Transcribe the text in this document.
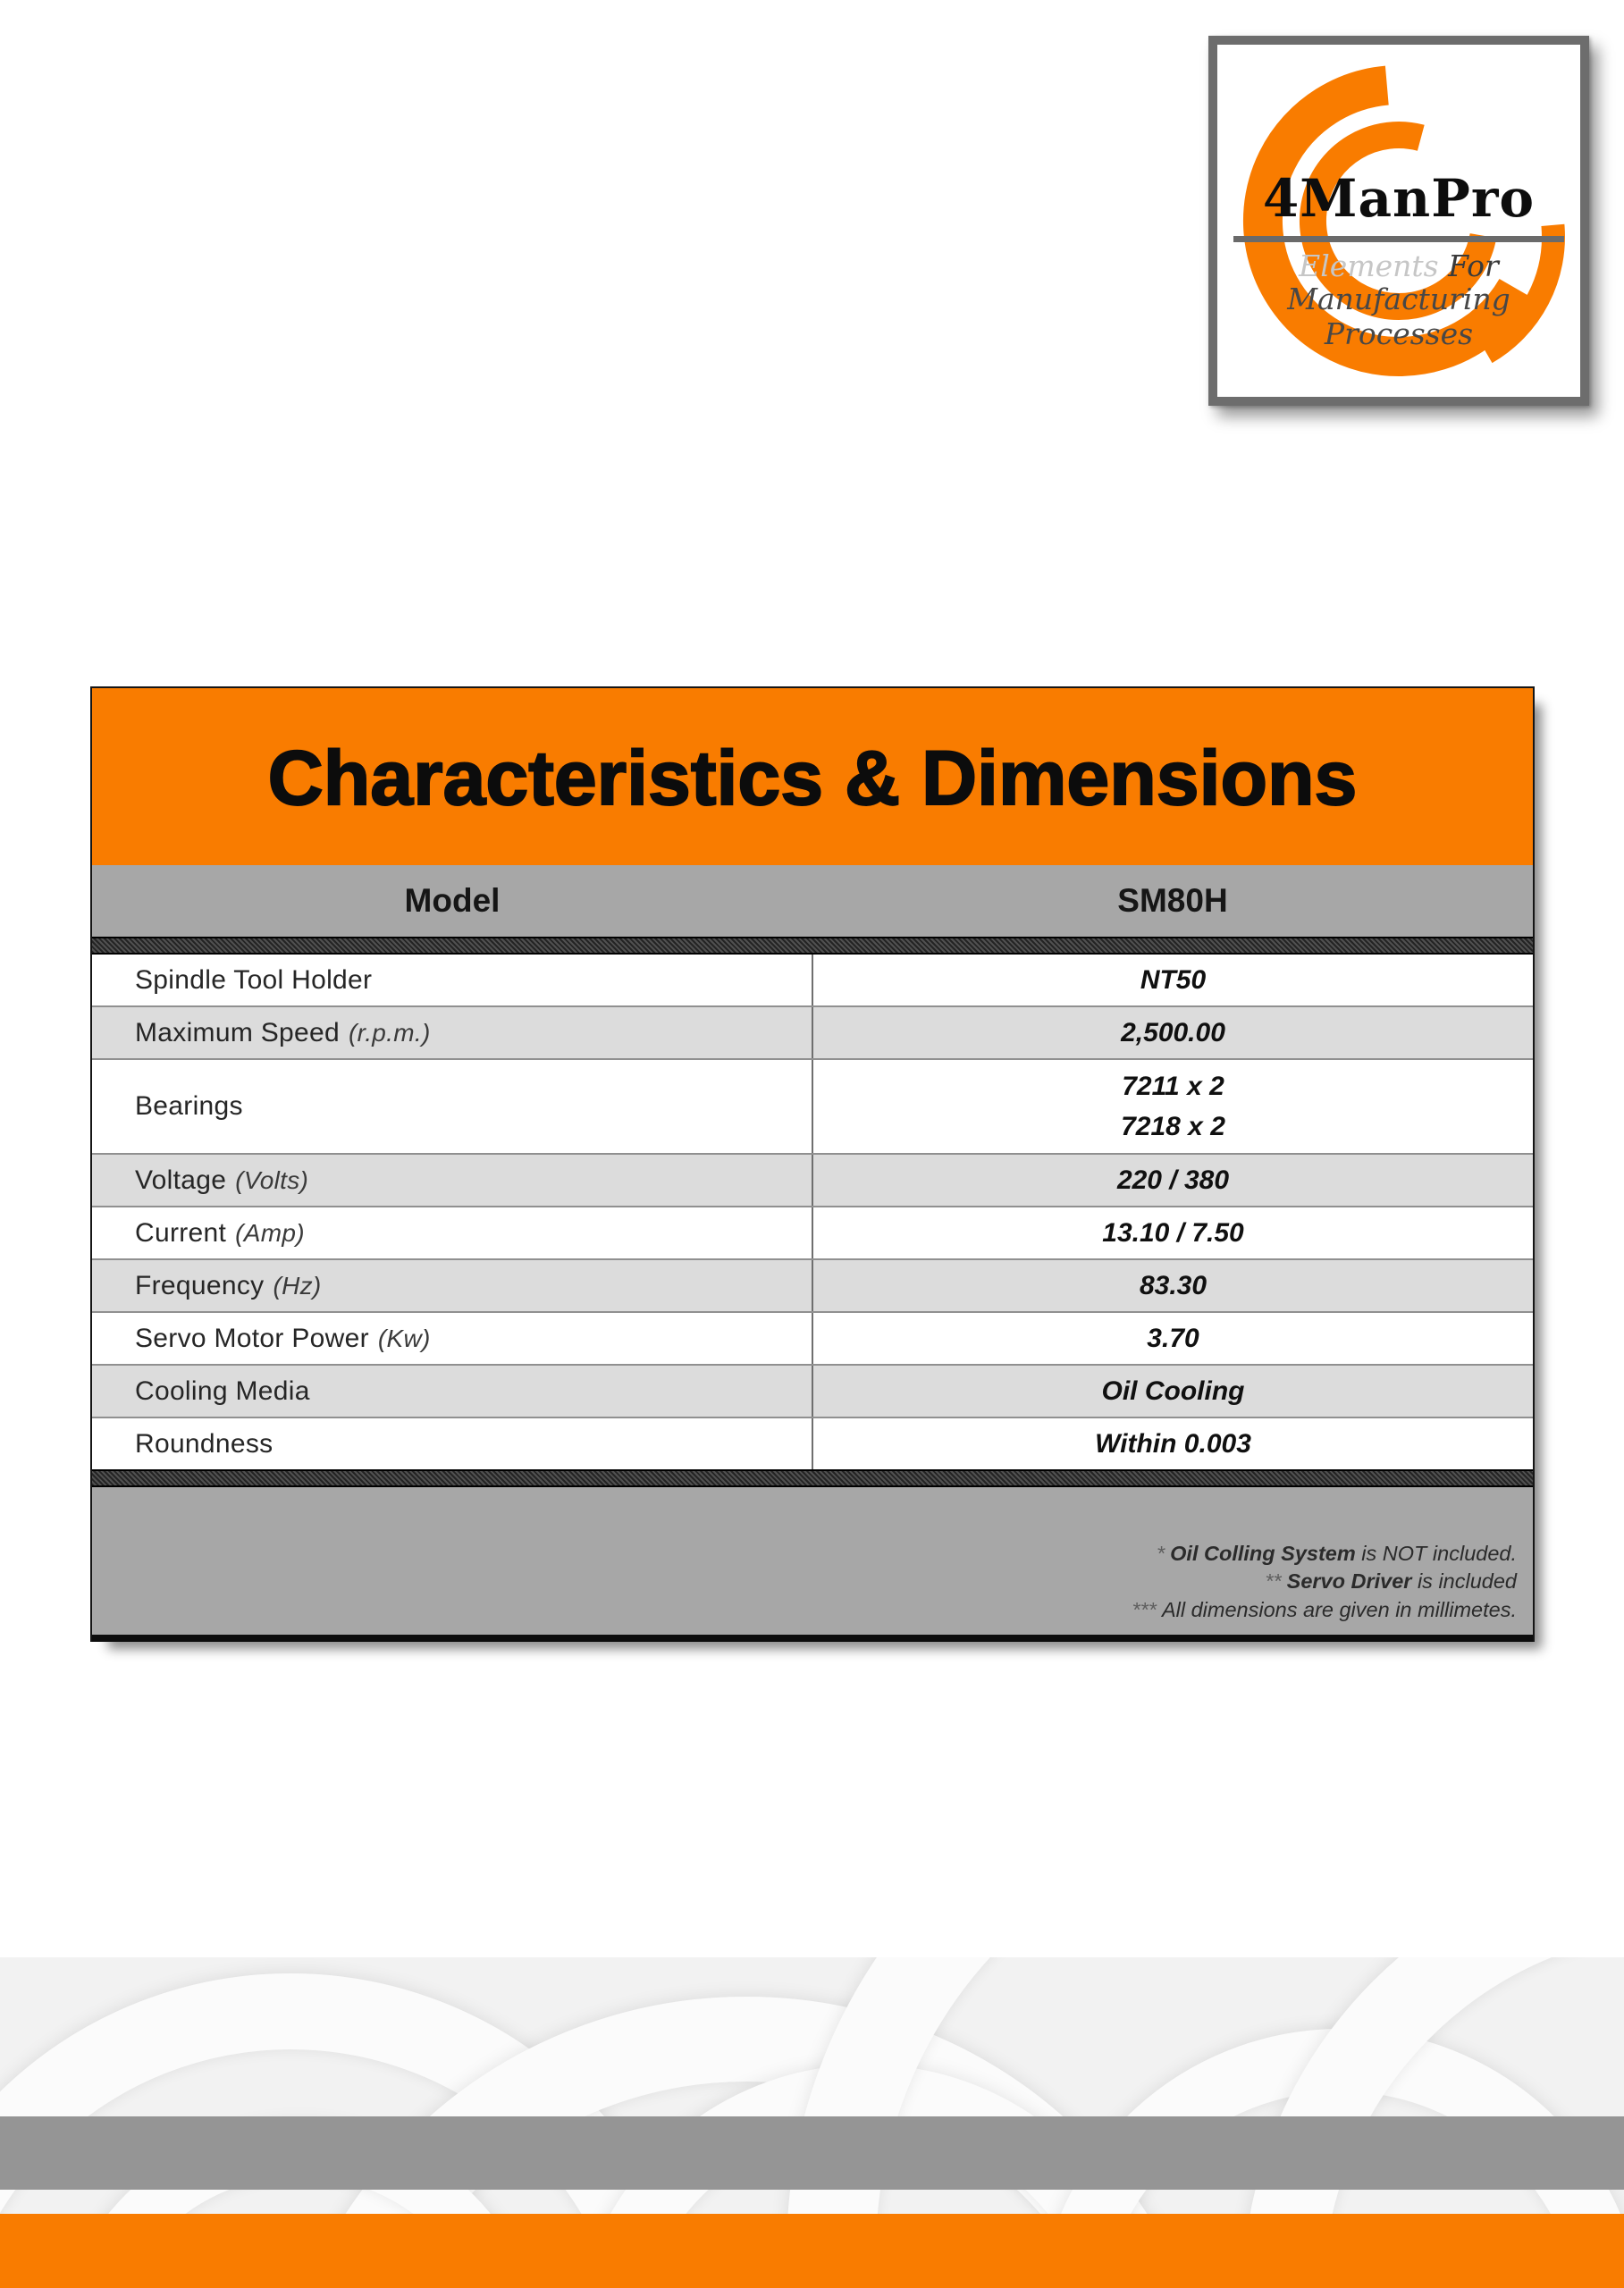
4ManPro
Elements For
Manufacturing Processes
Characteristics & Dimensions
Model	SM80H
Spindle Tool Holder	NT50
Maximum Speed (r.p.m.)	2,500.00
Bearings
7211 x 2
7218 x 2
Voltage (Volts)	220 / 380
Current (Amp)	13.10 / 7.50
Frequency (Hz)	83.30
Servo Motor Power (Kw)	3.70
Cooling Media	Oil Cooling
Roundness	Within 0.003
* Oil Colling System is NOT included.
** Servo Driver is included
*** All dimensions are given in millimetes.
